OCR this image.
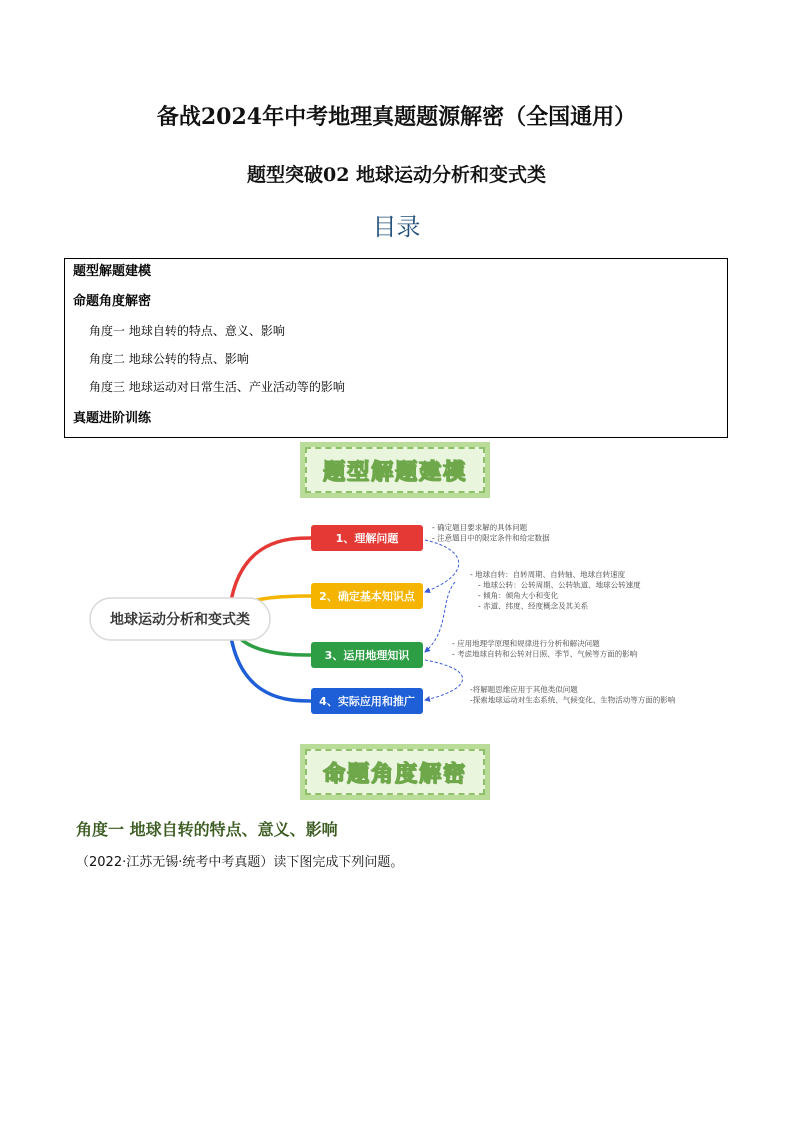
备战2024年中考地理真题题源解密（全国通用）
题型突破02 地球运动分析和变式类
目录
题型解题建模
命题角度解密
角度一 地球自转的特点、意义、影响
角度二 地球公转的特点、影响
角度三 地球运动对日常生活、产业活动等的影响
真题进阶训练
题型解题建模
地球运动分析和变式类
1、理解问题
2、确定基本知识点
3、运用地理知识
4、实际应用和推广
- 确定题目要求解的具体问题
- 注意题目中的限定条件和给定数据
- 地球自转：自转周期、自转轴、地球自转速度
- 地球公转：公转周期、公转轨道、地球公转速度
- 倾角：倾角大小和变化
- 赤道、纬度、经度概念及其关系
- 应用地理学原理和规律进行分析和解决问题
- 考虑地球自转和公转对日照、季节、气候等方面的影响
-将解题思维应用于其他类似问题
-探索地球运动对生态系统、气候变化、生物活动等方面的影响
命题角度解密
角度一 地球自转的特点、意义、影响
（2022·江苏无锡·统考中考真题）读下图完成下列问题。
